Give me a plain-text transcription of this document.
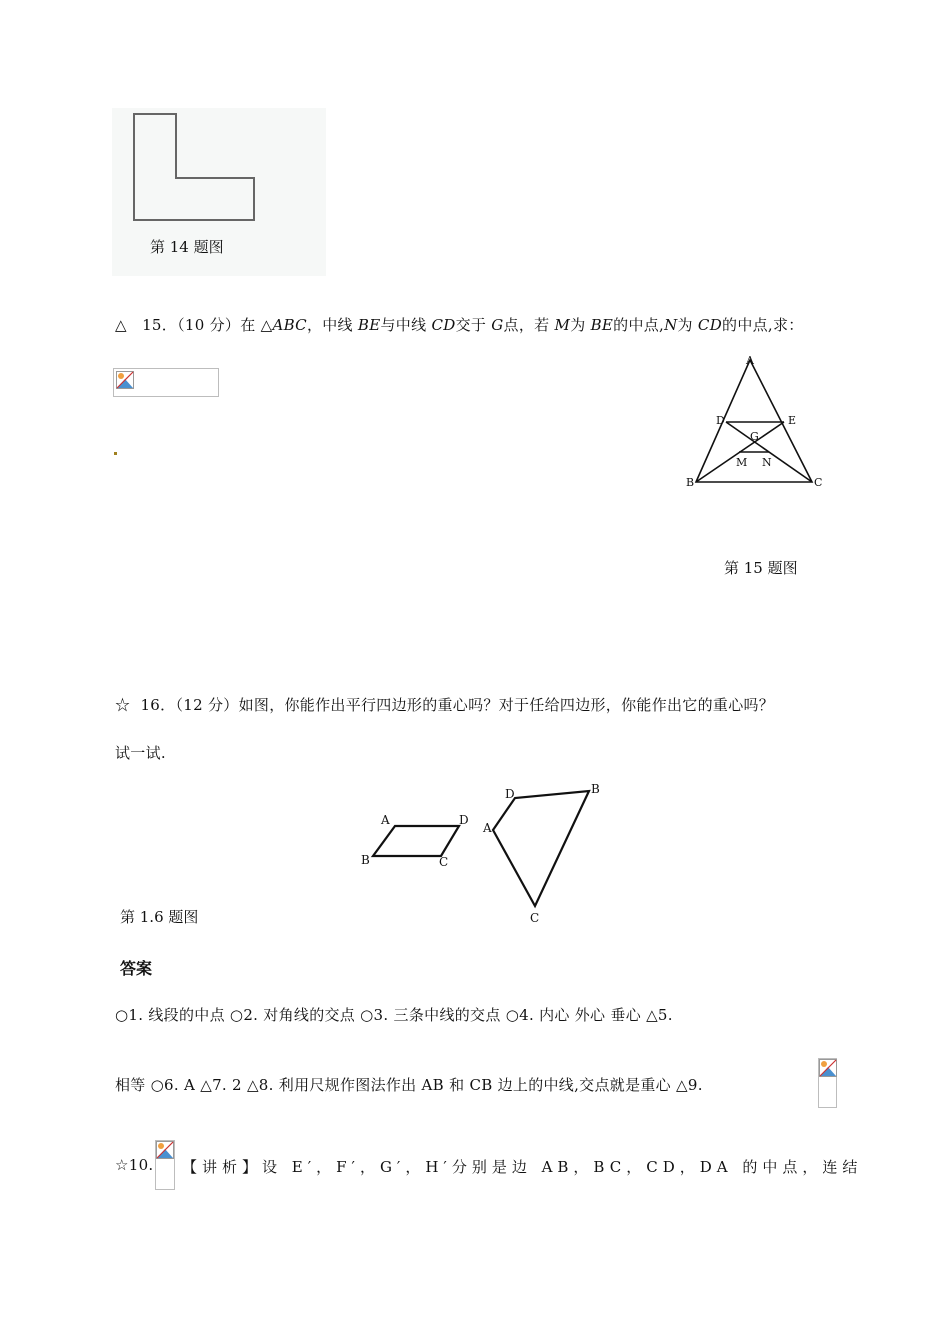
第 14 题图
△ 15．（10 分）在 △ABC，中线 BE与中线 CD交于 G点，若 M为 BE的中点,N为 CD的中点,求：
A
D	E
G
M N
B	C
第 15 题图
☆ 16．（12 分）如图，你能作出平行四边形的重心吗？对于任给四边形，你能作出它的重心吗？
试一试.
A	D
B	C
A
D	B
C
第 1.6 题图
答案
○1. 线段的中点 ○2. 对角线的交点 ○3. 三条中线的交点 ○4. 内心 外心 垂心 △5.
相等 ○6. A △7. 2 △8. 利用尺规作图法作出 AB 和 CB 边上的中线,交点就是重心 △9.
☆10. 【讲析】设 E′，F′，G′，H′分别是边 AB，BC，CD，DA 的中点，连结
